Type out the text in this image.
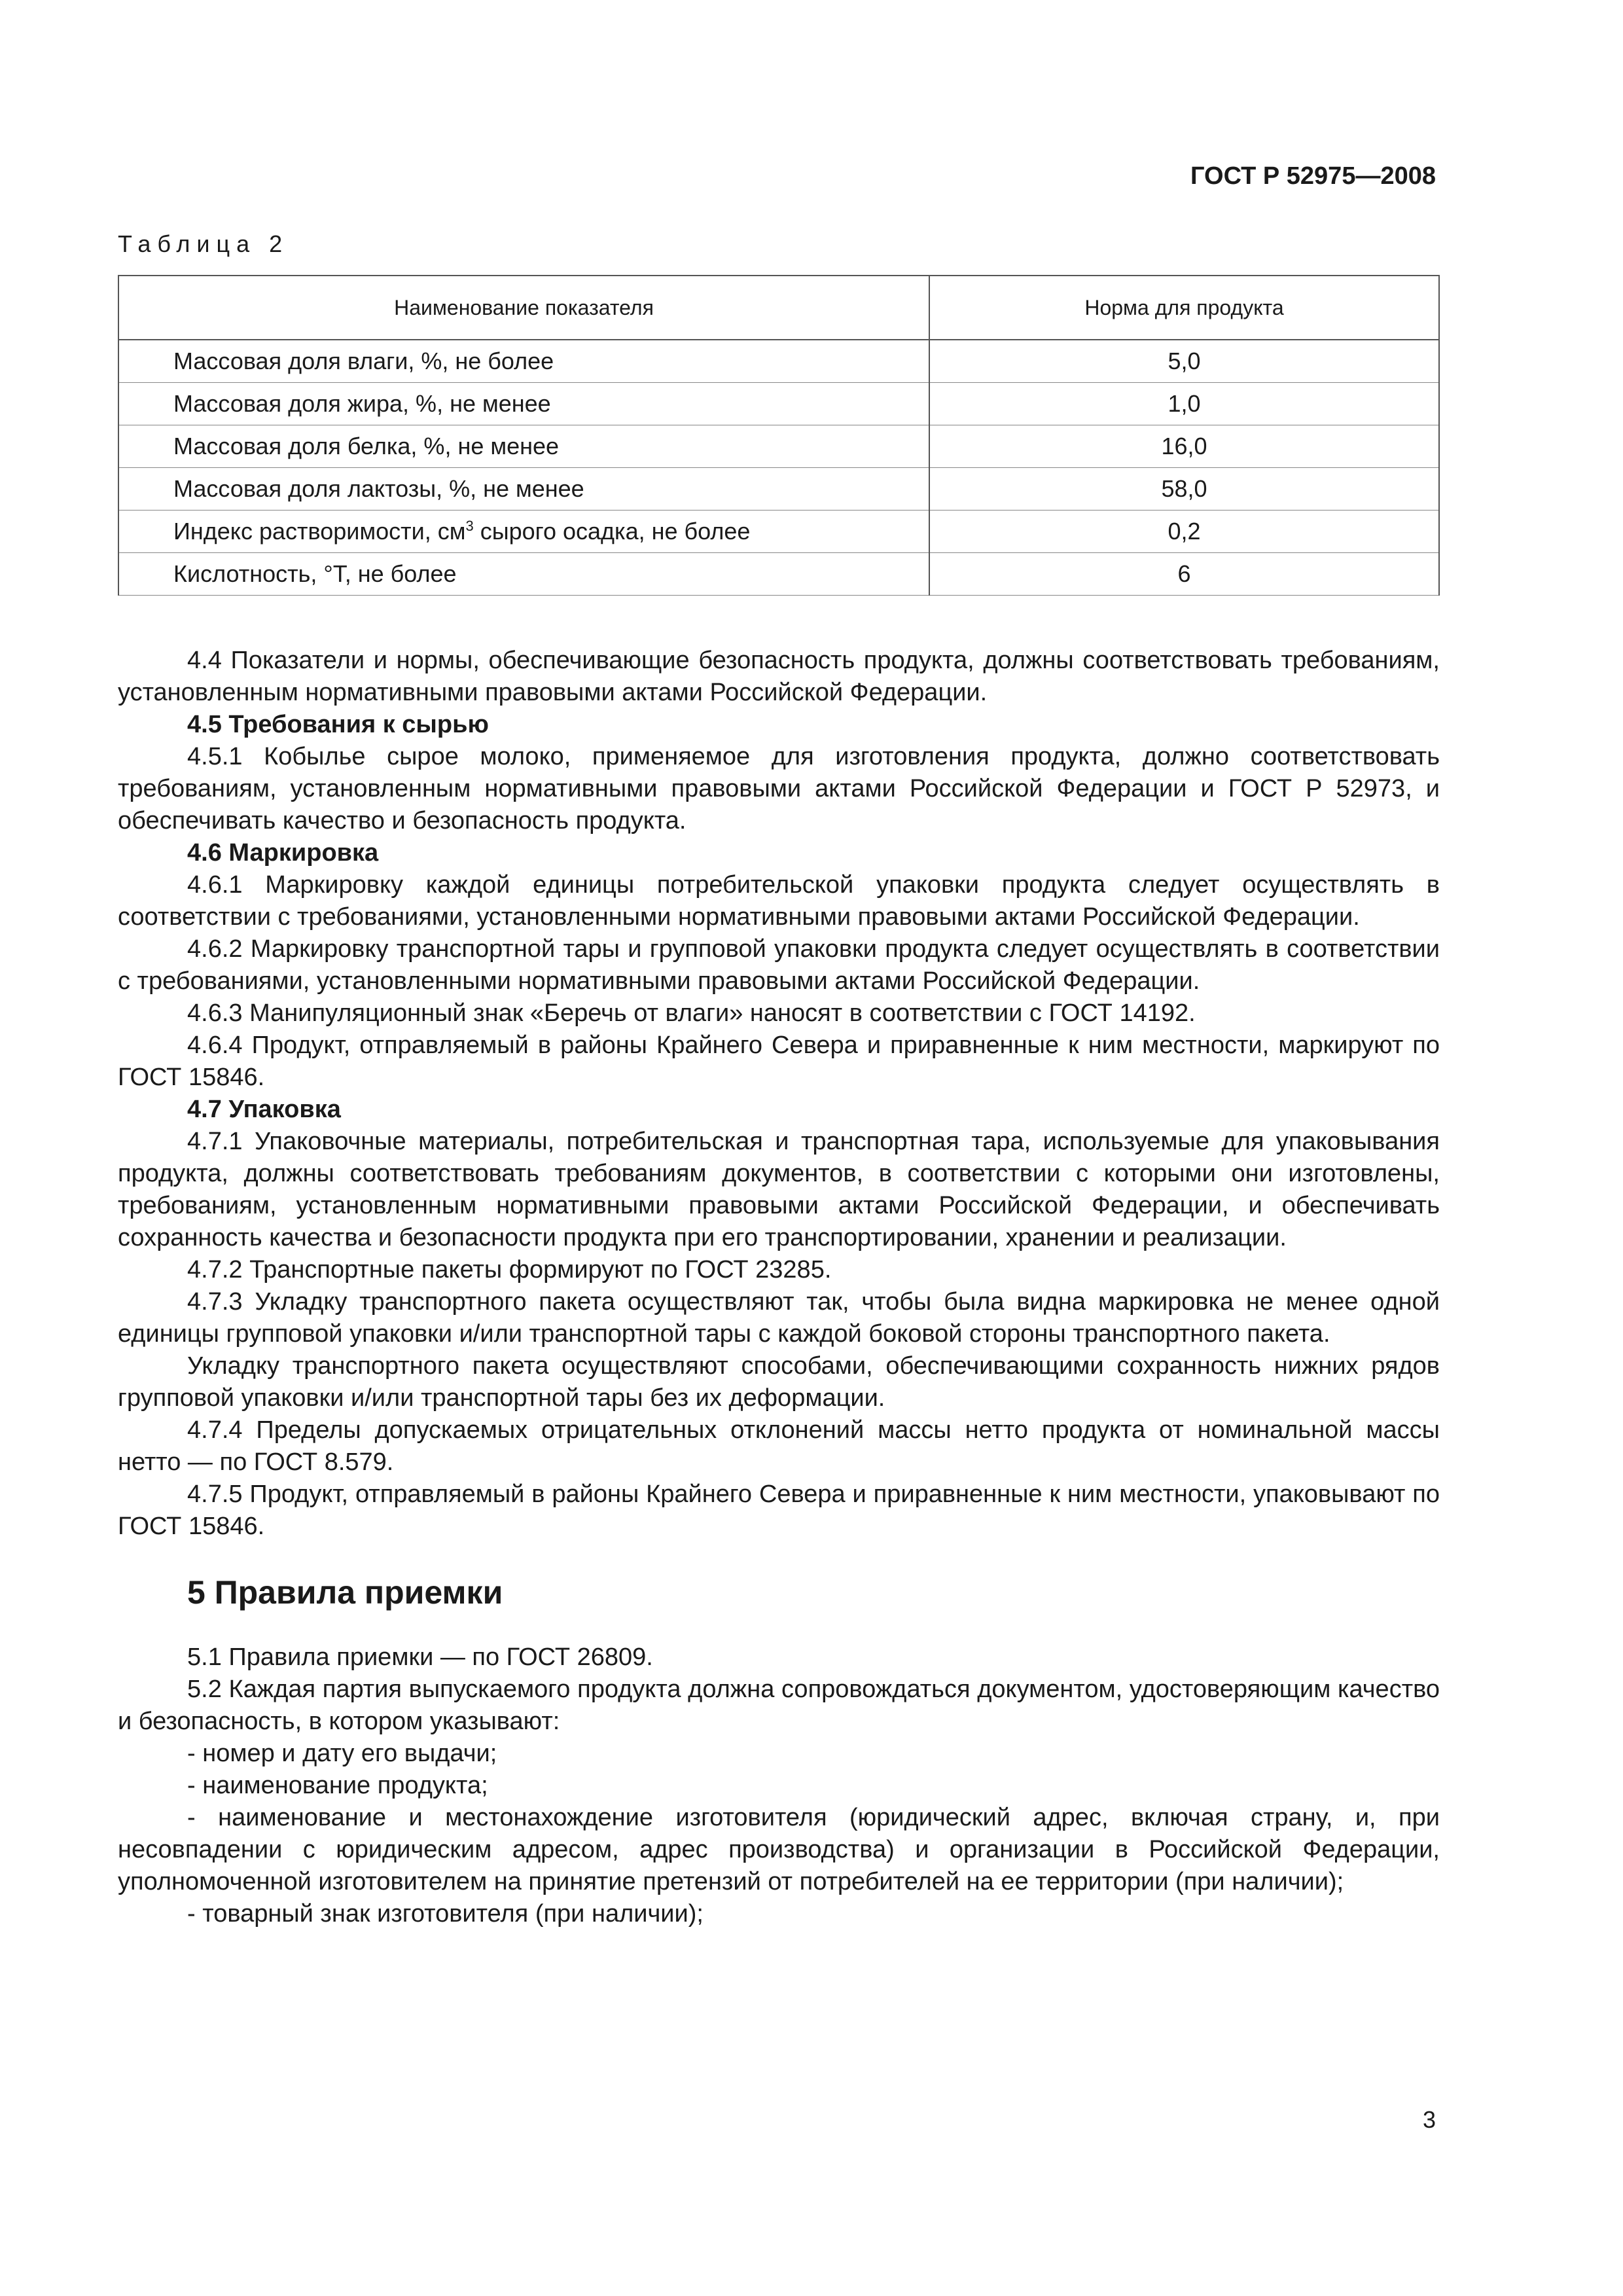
ГОСТ Р 52975—2008
Таблица 2
Наименование показателя	Норма для продукта
Массовая доля влаги, %, не более	5,0
Массовая доля жира, %, не менее	1,0
Массовая доля белка, %, не менее	16,0
Массовая доля лактозы, %, не менее	58,0
Индекс растворимости, $см^3$ сырого осадка, не более	0,2
Кислотность, °Т, не более	6

4.4 Показатели и нормы, обеспечивающие безопасность продукта, должны соответствовать требованиям, установленным нормативными правовыми актами Российской Федерации.

4.5 Требования к сырью

4.5.1 Кобылье сырое молоко, применяемое для изготовления продукта, должно соответствовать требованиям, установленным нормативными правовыми актами Российской Федерации и ГОСТ Р 52973, и обеспечивать качество и безопасность продукта.

4.6 Маркировка

4.6.1 Маркировку каждой единицы потребительской упаковки продукта следует осуществлять в соответствии с требованиями, установленными нормативными правовыми актами Российской Федерации.

4.6.2 Маркировку транспортной тары и групповой упаковки продукта следует осуществлять в соответствии с требованиями, установленными нормативными правовыми актами Российской Федерации.

4.6.3 Манипуляционный знак «Беречь от влаги» наносят в соответствии с ГОСТ 14192.

4.6.4 Продукт, отправляемый в районы Крайнего Севера и приравненные к ним местности, маркируют по ГОСТ 15846.

4.7 Упаковка

4.7.1 Упаковочные материалы, потребительская и транспортная тара, используемые для упаковывания продукта, должны соответствовать требованиям документов, в соответствии с которыми они изготовлены, требованиям, установленным нормативными правовыми актами Российской Федерации, и обеспечивать сохранность качества и безопасности продукта при его транспортировании, хранении и реализации.

4.7.2 Транспортные пакеты формируют по ГОСТ 23285.

4.7.3 Укладку транспортного пакета осуществляют так, чтобы была видна маркировка не менее одной единицы групповой упаковки и/или транспортной тары с каждой боковой стороны транспортного пакета.

Укладку транспортного пакета осуществляют способами, обеспечивающими сохранность нижних рядов групповой упаковки и/или транспортной тары без их деформации.

4.7.4 Пределы допускаемых отрицательных отклонений массы нетто продукта от номинальной массы нетто — по ГОСТ 8.579.

4.7.5 Продукт, отправляемый в районы Крайнего Севера и приравненные к ним местности, упаковывают по ГОСТ 15846.

5 Правила приемки

5.1 Правила приемки — по ГОСТ 26809.

5.2 Каждая партия выпускаемого продукта должна сопровождаться документом, удостоверяющим качество и безопасность, в котором указывают:

- номер и дату его выдачи;

- наименование продукта;

- наименование и местонахождение изготовителя (юридический адрес, включая страну, и, при несовпадении с юридическим адресом, адрес производства) и организации в Российской Федерации, уполномоченной изготовителем на принятие претензий от потребителей на ее территории (при наличии);

- товарный знак изготовителя (при наличии);

3
